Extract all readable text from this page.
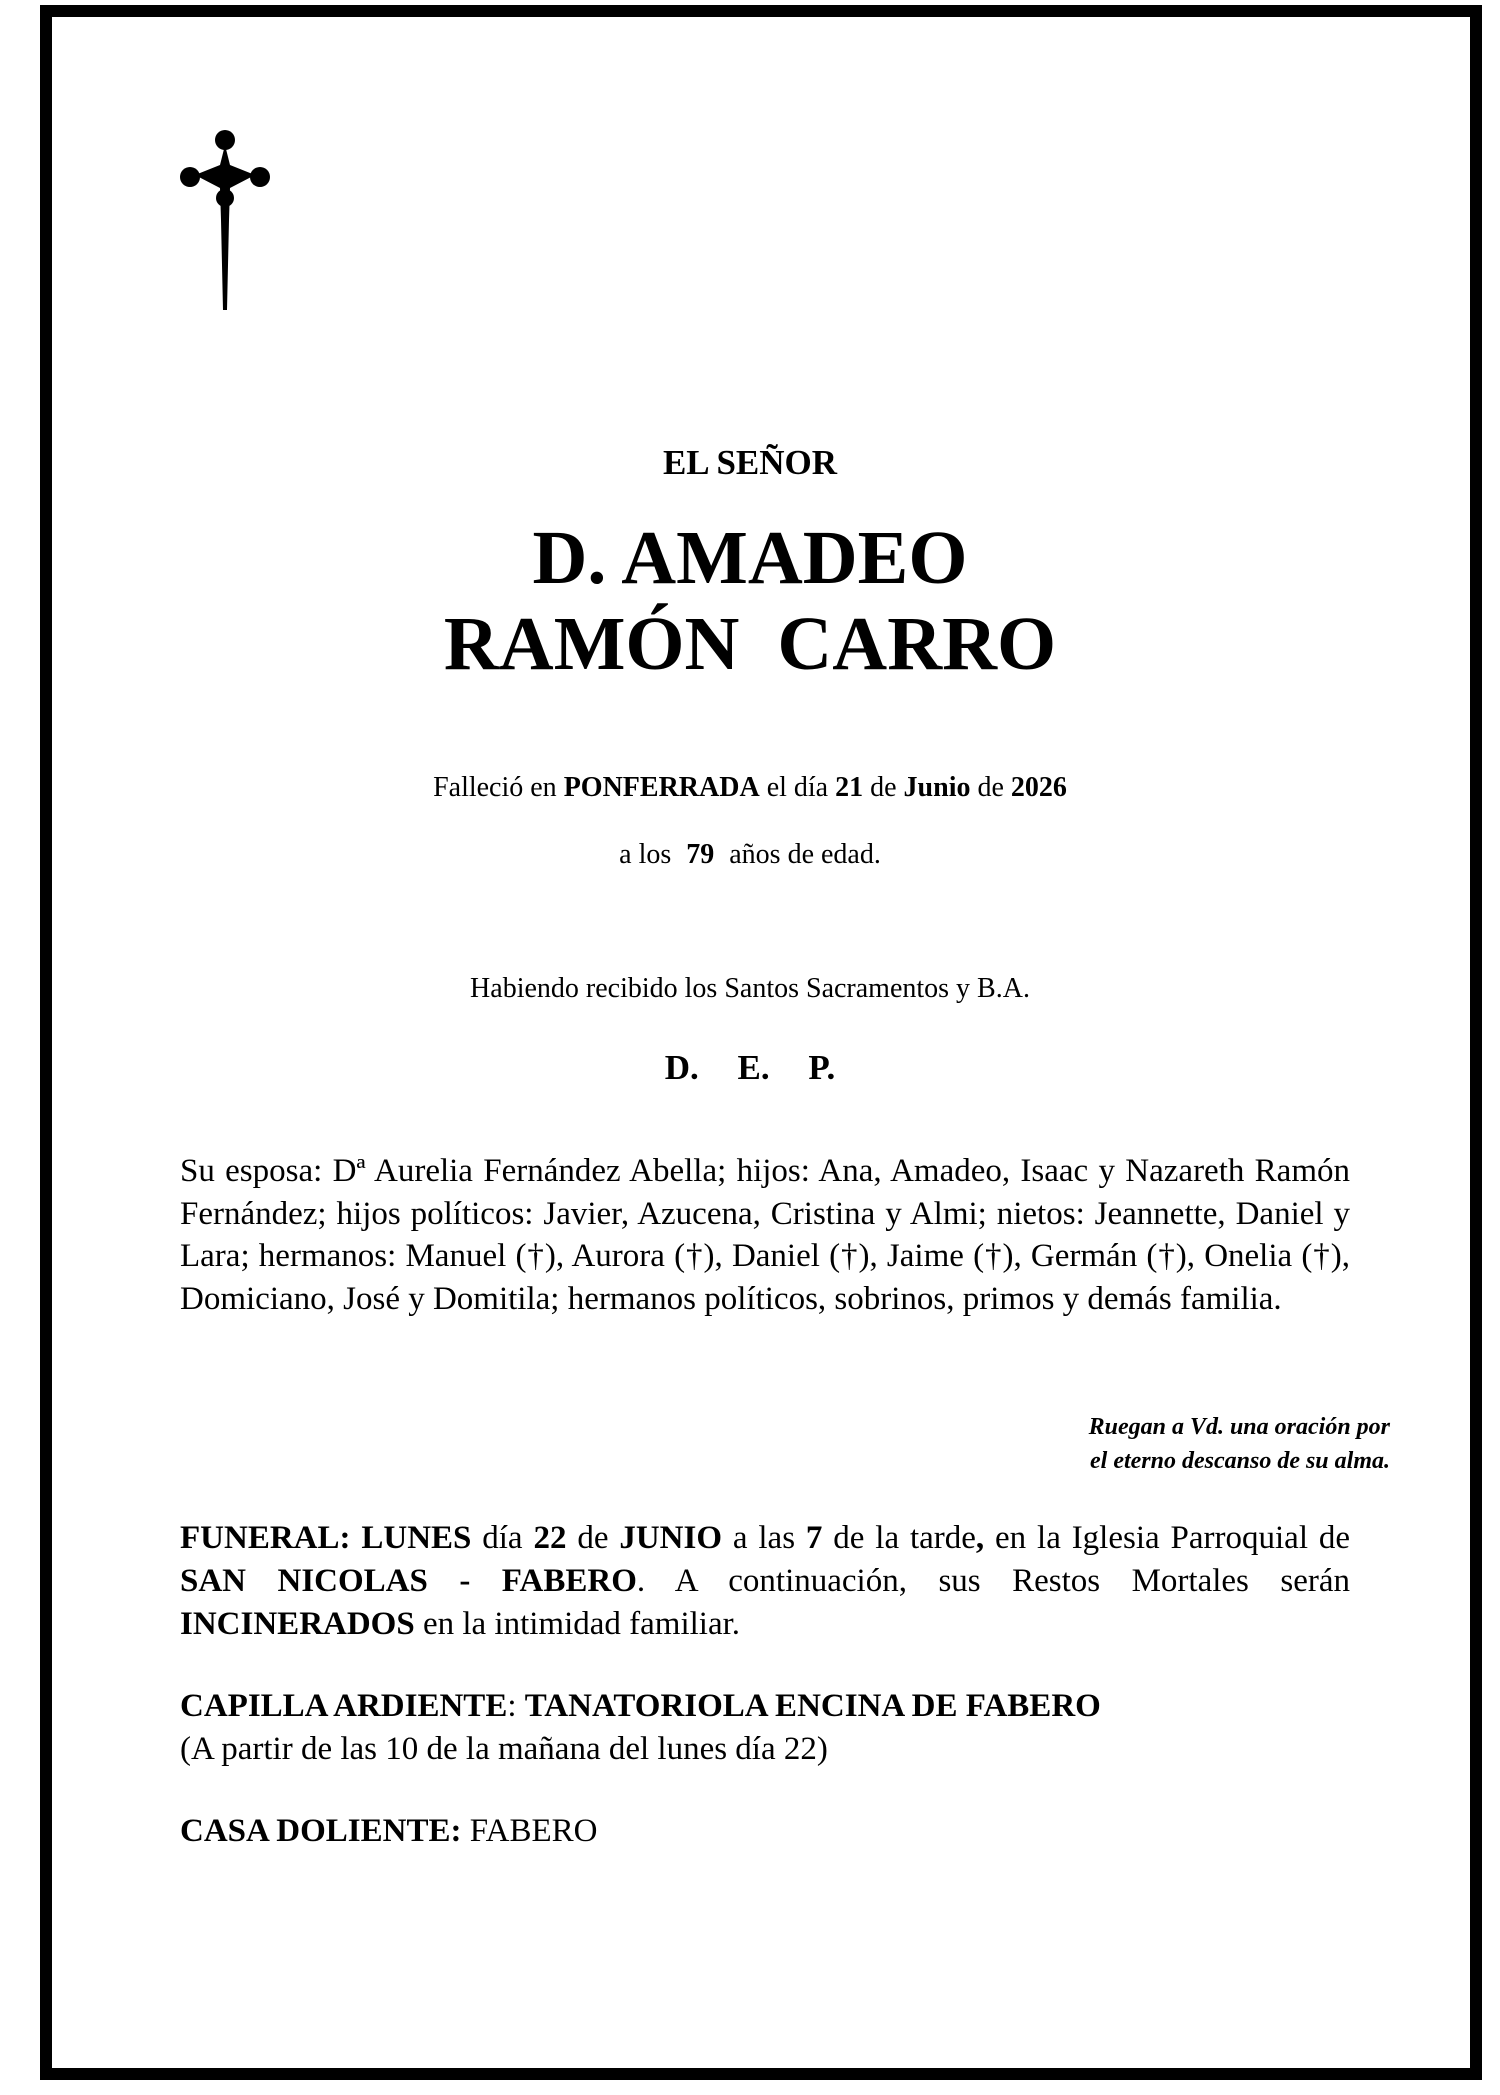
EL SEÑOR
D. AMADEO
RAMÓN  CARRO
Falleció en PONFERRADA el día 21 de Junio de 2026
a los 79 años de edad.
Habiendo recibido los Santos Sacramentos y B.A.
D. E. P.
Su esposa: Dª Aurelia Fernández Abella; hijos: Ana, Amadeo, Isaac y Nazareth Ramón Fernández; hijos políticos: Javier, Azucena, Cristina y Almi; nietos: Jeannette, Daniel y Lara; hermanos: Manuel (†), Aurora (†), Daniel (†), Jaime (†), Germán (†), Onelia (†), Domiciano, José y Domitila; hermanos políticos, sobrinos, primos y demás familia.
Ruegan a Vd. una oración por
el eterno descanso de su alma.
FUNERAL: LUNES día 22 de JUNIO a las 7 de la tarde, en la Iglesia Parroquial de SAN NICOLAS - FABERO. A continuación, sus Restos Mortales serán INCINERADOS en la intimidad familiar.
CAPILLA ARDIENTE: TANATORIOLA ENCINA DE FABERO
(A partir de las 10 de la mañana del lunes día 22)
CASA DOLIENTE: FABERO
